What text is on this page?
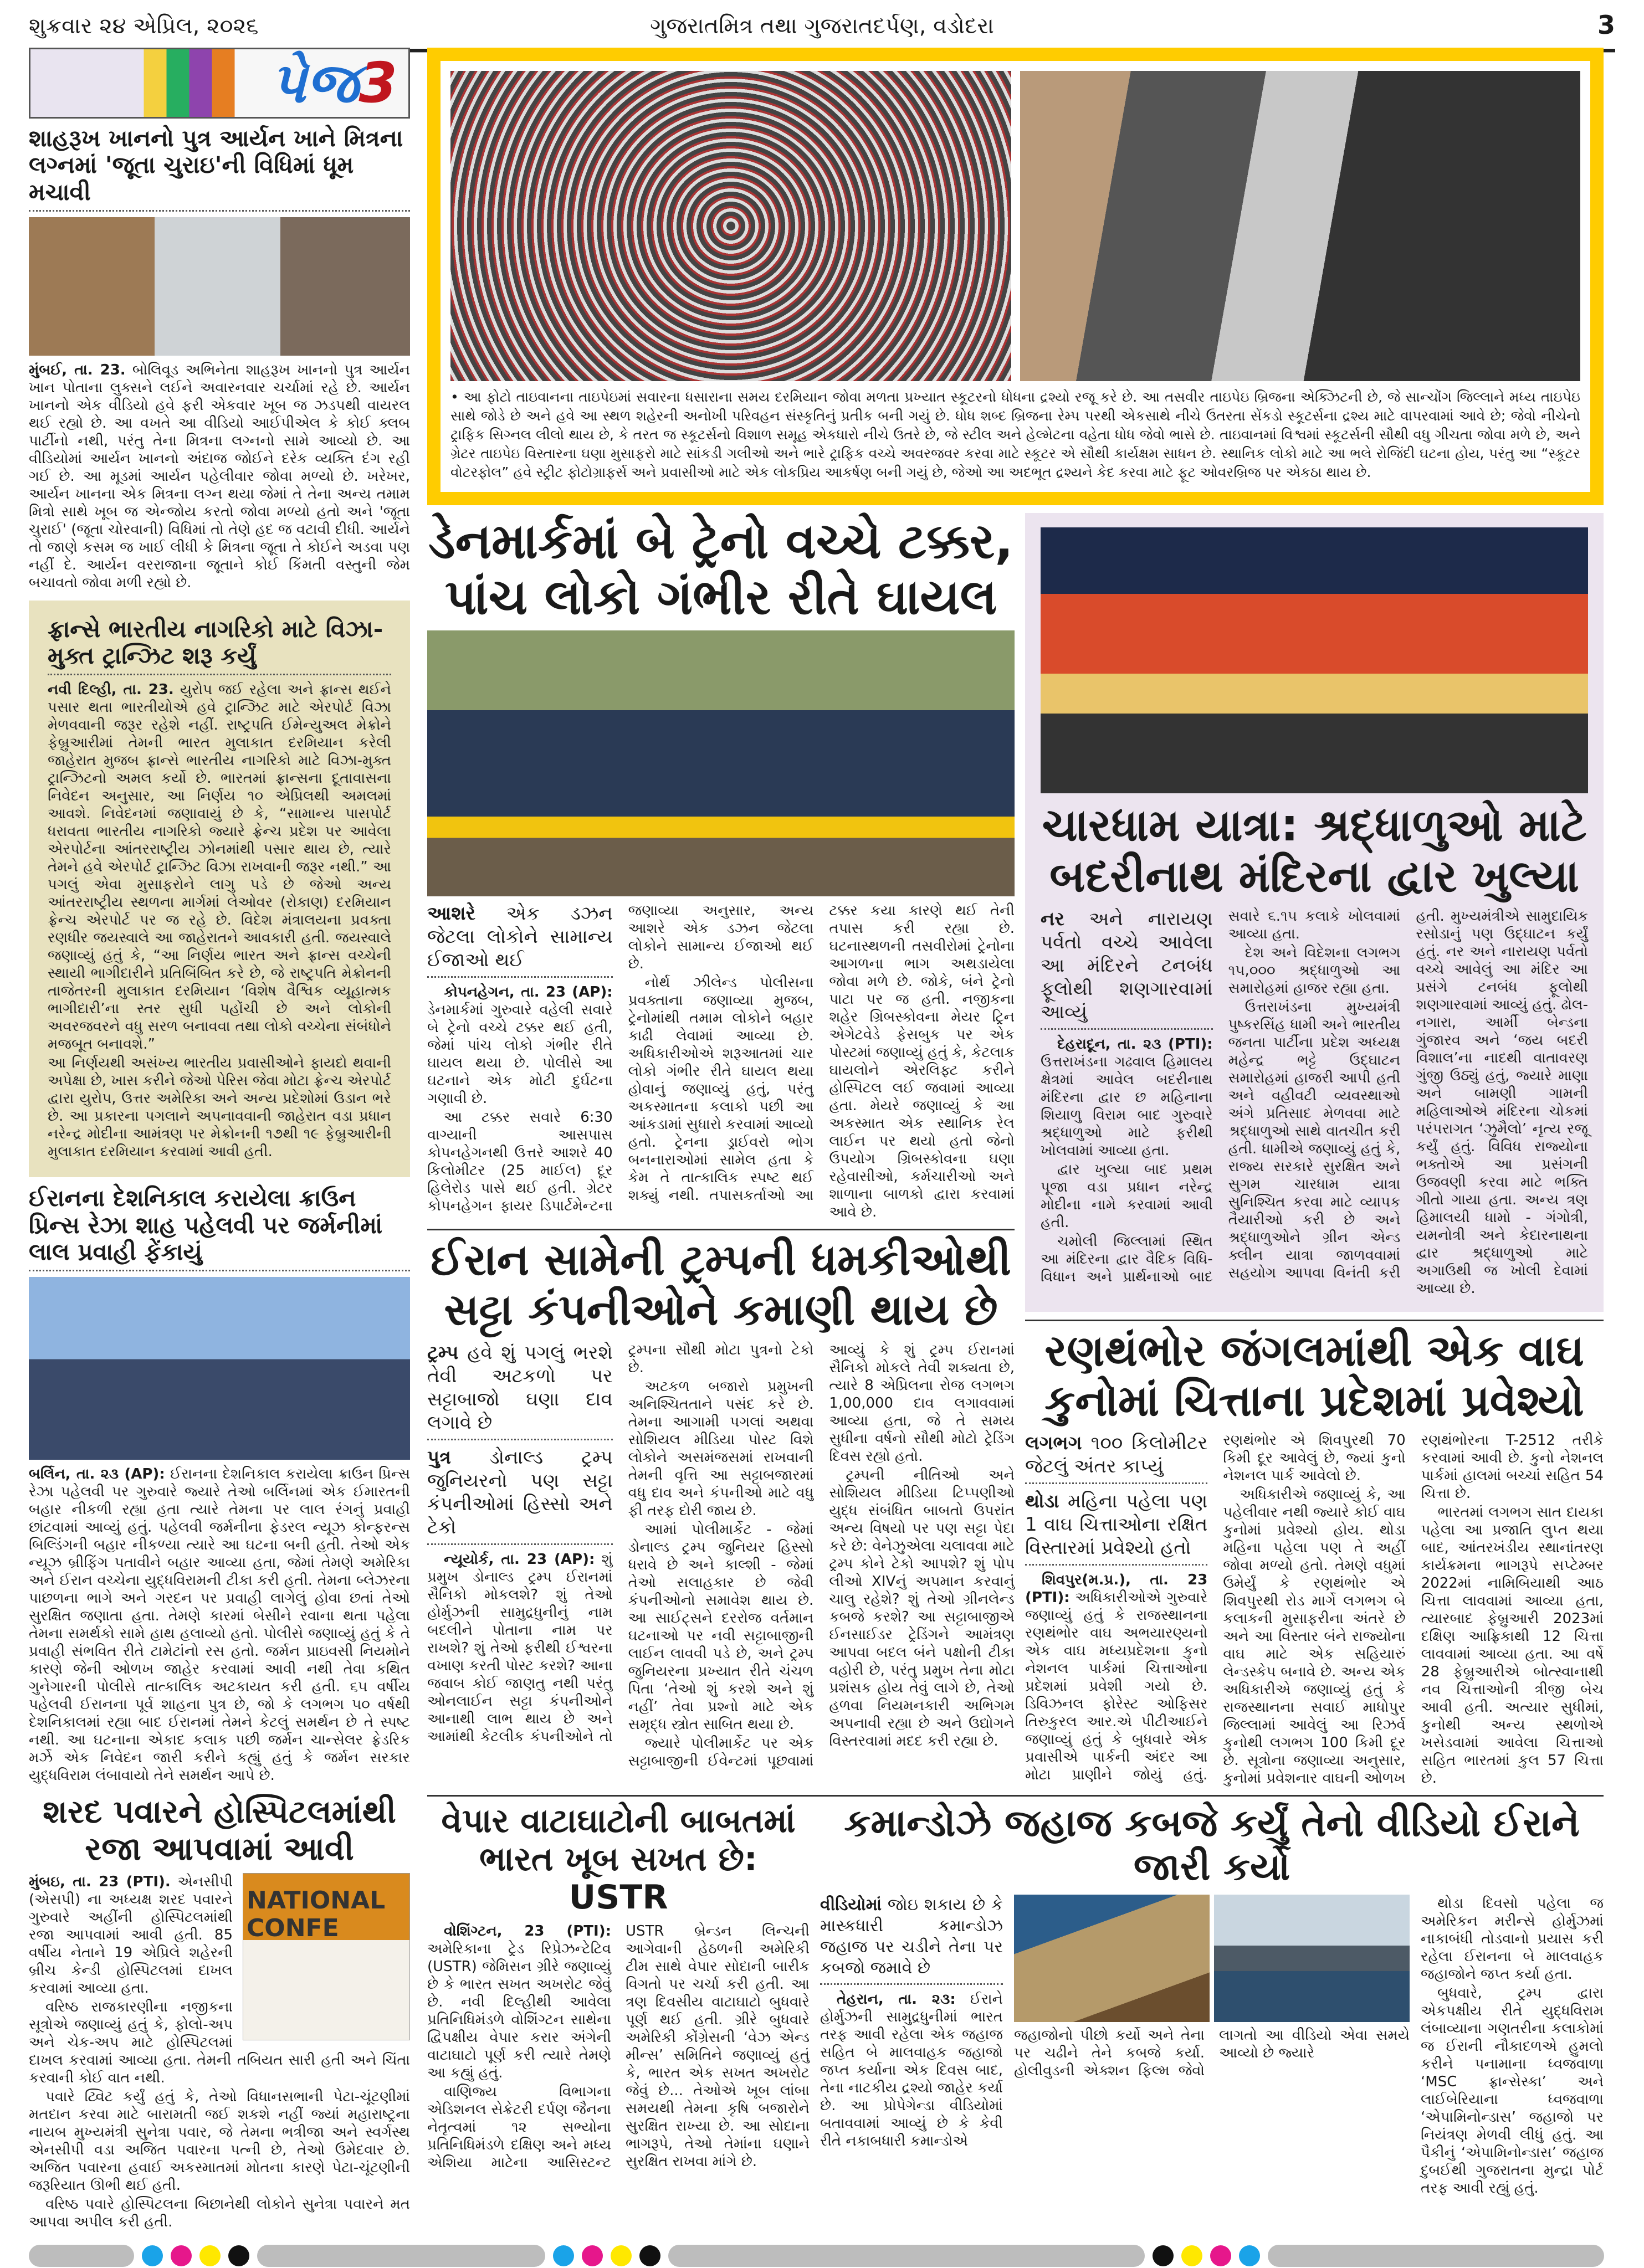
શુક્રવાર ૨૪ એપ્રિલ, ૨૦૨૬	ગુજરાતમિત્ર તથા ગુજરાતદર્પણ, વડોદરા	3
પેજ3
શાહરૂખ ખાનનો પુત્ર આર્યન ખાને મિત્રના લગ્નમાં 'જૂતા ચુરાઇ'ની વિધિમાં ધૂમ મચાવી

મુંબઈ, તા. 23. બોલિવૂડ અભિનેતા શાહરૂખ ખાનનો પુત્ર આર્યન ખાન પોતાના લુક્સને લઈને અવારનવાર ચર્ચામાં રહે છે. આર્યન ખાનનો એક વીડિયો હવે ફરી એકવાર ખૂબ જ ઝડપથી વાયરલ થઈ રહ્યો છે. આ વખતે આ વીડિયો આઈપીએલ કે કોઈ ક્લબ પાર્ટીનો નથી, પરંતુ તેના મિત્રના લગ્નનો સામે આવ્યો છે. આ વીડિયોમાં આર્યન ખાનનો અંદાજ જોઈને દરેક વ્યક્તિ દંગ રહી ગઈ છે. આ મૂડમાં આર્યન પહેલીવાર જોવા મળ્યો છે. ખરેખર, આર્યન ખાનના એક મિત્રના લગ્ન થયા જેમાં તે તેના અન્ય તમામ મિત્રો સાથે ખૂબ જ એન્જોય કરતો જોવા મળ્યો હતો અને 'જૂતા ચુરાઈ' (જૂતા ચોરવાની) વિધિમાં તો તેણે હદ જ વટાવી દીધી. આર્યને તો જાણે કસમ જ ખાઈ લીધી કે મિત્રના જૂતા તે કોઈને અડવા પણ નહીં દે. આર્યન વરરાજાના જૂતાને કોઈ કિંમતી વસ્તુની જેમ બચાવતો જોવા મળી રહ્યો છે.

ફ્રાન્સે ભારતીય નાગરિકો માટે વિઝા-મુક્ત ટ્રાન્ઝિટ શરૂ કર્યું

નવી દિલ્હી, તા. 23. યુરોપ જઈ રહેલા અને ફ્રાન્સ થઈને પસાર થતા ભારતીયોએ હવે ટ્રાન્ઝિટ માટે એરપોર્ટ વિઝા મેળવવાની જરૂર રહેશે નહીં. રાષ્ટ્રપતિ ઈમેન્યુઅલ મેક્રોને ફેબ્રુઆરીમાં તેમની ભારત મુલાકાત દરમિયાન કરેલી જાહેરાત મુજબ ફ્રાન્સે ભારતીય નાગરિકો માટે વિઝા-મુક્ત ટ્રાન્ઝિટનો અમલ કર્યો છે. ભારતમાં ફ્રાન્સના દૂતાવાસના નિવેદન અનુસાર, આ નિર્ણય ૧૦ એપ્રિલથી અમલમાં આવશે. નિવેદનમાં જણાવાયું છે કે, “સામાન્ય પાસપોર્ટ ધરાવતા ભારતીય નાગરિકો જ્યારે ફ્રેન્ચ પ્રદેશ પર આવેલા એરપોર્ટના આંતરરાષ્ટ્રીય ઝોનમાંથી પસાર થાય છે, ત્યારે તેમને હવે એરપોર્ટ ટ્રાન્ઝિટ વિઝા રાખવાની જરૂર નથી.” આ પગલું એવા મુસાફરોને લાગુ પડે છે જેઓ અન્ય આંતરરાષ્ટ્રીય સ્થળના માર્ગમાં લેઓવર (રોકાણ) દરમિયાન ફ્રેન્ચ એરપોર્ટ પર જ રહે છે. વિદેશ મંત્રાલયના પ્રવક્તા રણધીર જયસ્વાલે આ જાહેરાતને આવકારી હતી. જયસ્વાલે જણાવ્યું હતું કે, “આ નિર્ણય ભારત અને ફ્રાન્સ વચ્ચેની સ્થાયી ભાગીદારીને પ્રતિબિંબિત કરે છે, જે રાષ્ટ્રપતિ મેક્રોનની તાજેતરની મુલાકાત દરમિયાન ‘વિશેષ વૈશ્વિક વ્યૂહાત્મક ભાગીદારી’ના સ્તર સુધી પહોંચી છે અને લોકોની અવરજવરને વધુ સરળ બનાવવા તથા લોકો વચ્ચેના સંબંધોને મજબૂત બનાવશે.”

આ નિર્ણયથી અસંખ્ય ભારતીય પ્રવાસીઓને ફાયદો થવાની અપેક્ષા છે, ખાસ કરીને જેઓ પેરિસ જેવા મોટા ફ્રેન્ચ એરપોર્ટ દ્વારા યુરોપ, ઉત્તર અમેરિકા અને અન્ય પ્રદેશોમાં ઉડાન ભરે છે. આ પ્રકારના પગલાને અપનાવવાની જાહેરાત વડા પ્રધાન નરેન્દ્ર મોદીના આમંત્રણ પર મેક્રોનની ૧૭થી ૧૯ ફેબ્રુઆરીની મુલાકાત દરમિયાન કરવામાં આવી હતી.

ઈરાનના દેશનિકાલ કરાયેલા ક્રાઉન પ્રિન્સ રેઝા શાહ પહેલવી પર જર્મનીમાં લાલ પ્રવાહી ફેંકાયું

બર્લિન, તા. ૨૩ (AP): ઈરાનના દેશનિકાલ કરાયેલા ક્રાઉન પ્રિન્સ રેઝા પહેલવી પર ગુરુવારે જ્યારે તેઓ બર્લિનમાં એક ઈમારતની બહાર નીકળી રહ્યા હતા ત્યારે તેમના પર લાલ રંગનું પ્રવાહી છાંટવામાં આવ્યું હતું. પહેલવી જર્મનીના ફેડરલ ન્યૂઝ કોન્ફરન્સ બિલ્ડિંગની બહાર નીકળ્યા ત્યારે આ ઘટના બની હતી. તેઓ એક ન્યૂઝ બ્રીફિંગ પતાવીને બહાર આવ્યા હતા, જેમાં તેમણે અમેરિકા અને ઈરાન વચ્ચેના યુદ્ધવિરામની ટીકા કરી હતી. તેમના બ્લેઝરના પાછળના ભાગે અને ગરદન પર પ્રવાહી લાગેલું હોવા છતાં તેઓ સુરક્ષિત જણાતા હતા. તેમણે કારમાં બેસીને રવાના થતા પહેલા તેમના સમર્થકો સામે હાથ હલાવ્યો હતો. પોલીસે જણાવ્યું હતું કે તે પ્રવાહી સંભવિત રીતે ટામેટાંનો રસ હતો. જર્મન પ્રાઇવસી નિયમોને કારણે જેની ઓળખ જાહેર કરવામાં આવી નથી તેવા કથિત ગુનેગારની પોલીસે તાત્કાલિક અટકાયત કરી હતી. ૬૫ વર્ષીય પહેલવી ઈરાનના પૂર્વ શાહના પુત્ર છે, જો કે લગભગ ૫૦ વર્ષથી દેશનિકાલમાં રહ્યા બાદ ઈરાનમાં તેમને કેટલું સમર્થન છે તે સ્પષ્ટ નથી. આ ઘટનાના એકાદ કલાક પછી જર્મન ચાન્સેલર ફ્રેડરિક મર્ઝે એક નિવેદન જારી કરીને કહ્યું હતું કે જર્મન સરકાર યુદ્ધવિરામ લંબાવાયો તેને સમર્થન આપે છે.

શરદ પવારને હોસ્પિટલમાંથી રજા આપવામાં આવી
NATIONAL CONFE

મુંબઇ, તા. 23 (PTI). એનસીપી (એસપી) ના અધ્યક્ષ શરદ પવારને ગુરુવારે અહીંની હોસ્પિટલમાંથી રજા આપવામાં આવી હતી. 85 વર્ષીય નેતાને 19 એપ્રિલે શહેરની બ્રીચ કેન્ડી હોસ્પિટલમાં દાખલ કરવામાં આવ્યા હતા.

વરિષ્ઠ રાજકારણીના નજીકના સૂત્રોએ જણાવ્યું હતું કે, ફોલો-અપ અને ચેક-અપ માટે હોસ્પિટલમાં દાખલ કરવામાં આવ્યા હતા. તેમની તબિયત સારી હતી અને ચિંતા કરવાની કોઈ વાત નથી.

પવારે ટ્વિટ કર્યું હતું કે, તેઓ વિધાનસભાની પેટા-ચૂંટણીમાં મતદાન કરવા માટે બારામતી જઈ શકશે નહીં જ્યાં મહારાષ્ટ્રના નાયબ મુખ્યમંત્રી સુનેત્રા પવાર, જે તેમના ભત્રીજા અને સ્વર્ગસ્થ એનસીપી વડા અજિત પવારના પત્ની છે, તેઓ ઉમેદવાર છે. અજિત પવારના હવાઈ અકસ્માતમાં મોતના કારણે પેટા-ચૂંટણીની જરૂરિયાત ઊભી થઈ હતી.

વરિષ્ઠ પવારે હોસ્પિટલના બિછાનેથી લોકોને સુનેત્રા પવારને મત આપવા અપીલ કરી હતી.

• આ ફોટો તાઇવાનના તાઇપેઇમાં સવારના ધસારાના સમય દરમિયાન જોવા મળતા પ્રખ્યાત સ્કૂટરનો ધોધના દ્રશ્યો રજૂ કરે છે. આ તસવીર તાઇપેઇ બ્રિજના એક્ઝિટની છે, જે સાન્ચોંગ જિલ્લાને મધ્ય તાઇપેઇ સાથે જોડે છે અને હવે આ સ્થળ શહેરની અનોખી પરિવહન સંસ્કૃતિનું પ્રતીક બની ગયું છે. ધોધ શબ્દ બ્રિજના રેમ્પ પરથી એકસાથે નીચે ઉતરતા સેંકડો સ્કૂટર્સના દ્રશ્ય માટે વાપરવામાં આવે છે; જેવો નીચેનો ટ્રાફિક સિગ્નલ લીલો થાય છે, કે તરત જ સ્કૂટર્સનો વિશાળ સમૂહ એકધારો નીચે ઉતરે છે, જે સ્ટીલ અને હેલ્મેટના વહેતા ધોધ જેવો ભાસે છે. તાઇવાનમાં વિશ્વમાં સ્કૂટર્સની સૌથી વધુ ગીચતા જોવા મળે છે, અને ગ્રેટર તાઇપેઇ વિસ્તારના ઘણા મુસાફરો માટે સાંકડી ગલીઓ અને ભારે ટ્રાફિક વચ્ચે અવરજવર કરવા માટે સ્કૂટર એ સૌથી કાર્યક્ષમ સાધન છે. સ્થાનિક લોકો માટે આ ભલે રોજિંદી ઘટના હોય, પરંતુ આ “સ્કૂટર વોટરફોલ” હવે સ્ટ્રીટ ફોટોગ્રાફર્સ અને પ્રવાસીઓ માટે એક લોકપ્રિય આકર્ષણ બની ગયું છે, જેઓ આ અદભૂત દ્રશ્યને કેદ કરવા માટે ફૂટ ઓવરબ્રિજ પર એકઠા થાય છે.
ડેનમાર્કમાં બે ટ્રેનો વચ્ચે ટક્કર, પાંચ લોકો ગંભીર રીતે ઘાયલ

આશરે એક ડઝન જેટલા લોકોને સામાન્ય ઈજાઓ થઈ

કોપનહેગન, તા. 23 (AP): ડેનમાર્કમાં ગુરુવારે વહેલી સવારે બે ટ્રેનો વચ્ચે ટક્કર થઈ હતી, જેમાં પાંચ લોકો ગંભીર રીતે ઘાયલ થયા છે. પોલીસે આ ઘટનાને એક મોટી દુર્ઘટના ગણાવી છે.

આ ટક્કર સવારે 6:30 વાગ્યાની આસપાસ કોપનહેગનથી ઉત્તરે આશરે 40 કિલોમીટર (25 માઈલ) દૂર હિલેરોડ પાસે થઈ હતી. ગ્રેટર કોપનહેગન ફાયર ડિપાર્ટમેન્ટના જણાવ્યા અનુસાર, અન્ય આશરે એક ડઝન જેટલા લોકોને સામાન્ય ઈજાઓ થઈ છે.

નોર્થ ઝીલેન્ડ પોલીસના પ્રવક્તાના જણાવ્યા મુજબ, ટ્રેનોમાંથી તમામ લોકોને બહાર કાઢી લેવામાં આવ્યા છે. અધિકારીઓએ શરૂઆતમાં ચાર લોકો ગંભીર રીતે ઘાયલ થયા હોવાનું જણાવ્યું હતું, પરંતુ અકસ્માતના કલાકો પછી આ આંકડામાં સુધારો કરવામાં આવ્યો હતો. ટ્રેનના ડ્રાઈવરો ભોગ બનનારાઓમાં સામેલ હતા કે કેમ તે તાત્કાલિક સ્પષ્ટ થઈ શક્યું નથી. તપાસકર્તાઓ આ ટક્કર કયા કારણે થઈ તેની તપાસ કરી રહ્યા છે. ઘટનાસ્થળની તસવીરોમાં ટ્રેનોના આગળના ભાગ અથડાયેલા જોવા મળે છે. જોકે, બંને ટ્રેનો પાટા પર જ હતી. નજીકના શહેર ગ્રિબસ્કોવના મેયર ટ્રિન એગેટવેડે ફેસબુક પર એક પોસ્ટમાં જણાવ્યું હતું કે, કેટલાક ઘાયલોને એરલિફ્ટ કરીને હોસ્પિટલ લઈ જવામાં આવ્યા હતા. મેયરે જણાવ્યું કે આ અકસ્માત એક સ્થાનિક રેલ લાઈન પર થયો હતો જેનો ઉપયોગ ગ્રિબસ્કોવના ઘણા રહેવાસીઓ, કર્મચારીઓ અને શાળાના બાળકો દ્વારા કરવામાં આવે છે.

ઈરાન સામેની ટ્રમ્પની ધમકીઓથી સટ્ટા કંપનીઓને કમાણી થાય છે

ટ્રમ્પ હવે શું પગલું ભરશે તેવી અટકળો પર સટ્ટાબાજો ઘણા દાવ લગાવે છે

પુત્ર ડોનાલ્ડ ટ્રમ્પ જુનિયરનો પણ સટ્ટા કંપનીઓમાં હિસ્સો અને ટેકો

ન્યૂયોર્ક, તા. 23 (AP): શું પ્રમુખ ડોનાલ્ડ ટ્રમ્પ ઈરાનમાં સૈનિકો મોકલશે? શું તેઓ હોર્મુઝની સામુદ્રધુનીનું નામ બદલીને પોતાના નામ પર રાખશે? શું તેઓ ફરીથી ઈશ્વરના વખાણ કરતી પોસ્ટ કરશે? આના જવાબ કોઈ જાણતુ નથી પરંતુ ઓનલાઈન સટ્ટા કંપનીઓને આનાથી લાભ થાય છે અને આમાંથી કેટલીક કંપનીઓને તો ટ્રમ્પના સૌથી મોટા પુત્રનો ટેકો છે.

અટકળ બજારો પ્રમુખની અનિશ્ચિતતાને પસંદ કરે છે. તેમના આગામી પગલાં અથવા સોશિયલ મીડિયા પોસ્ટ વિશે લોકોને અસમંજસમાં રાખવાની તેમની વૃત્તિ આ સટ્ટાબજારમાં વધુ દાવ અને કંપનીઓ માટે વધુ ફી તરફ દોરી જાય છે.

આમાં પોલીમાર્કેટ - જેમાં ડોનાલ્ડ ટ્રમ્પ જુનિયર હિસ્સો ધરાવે છે અને કાલ્શી - જેમાં તેઓ સલાહકાર છે જેવી કંપનીઓનો સમાવેશ થાય છે. આ સાઈટ્સને દરરોજ વર્તમાન ઘટનાઓ પર નવી સટ્ટાબાજીની લાઈન લાવવી પડે છે, અને ટ્રમ્પ જુનિયરના પ્રખ્યાત રીતે ચંચળ પિતા ‘તેઓ શું કરશે અને શું નહીં’ તેવા પ્રશ્નો માટે એક સમૃદ્ધ સ્ત્રોત સાબિત થયા છે.

જ્યારે પોલીમાર્કેટ પર એક સટ્ટાબાજીની ઈવેન્ટમાં પૂછવામાં આવ્યું કે શું ટ્રમ્પ ઈરાનમાં સૈનિકો મોકલે તેવી શક્યતા છે, ત્યારે 8 એપ્રિલના રોજ લગભગ 1,00,000 દાવ લગાવવામાં આવ્યા હતા, જે તે સમય સુધીના વર્ષનો સૌથી મોટો ટ્રેડિંગ દિવસ રહ્યો હતો.

ટ્રમ્પની નીતિઓ અને સોશિયલ મીડિયા ટિપ્પણીઓ યુદ્ધ સંબંધિત બાબતો ઉપરાંત અન્ય વિષયો પર પણ સટ્ટા પેદા કરે છે: વેનેઝુએલા ચલાવવા માટે ટ્રમ્પ કોને ટેકો આપશે? શું પોપ લીઓ XIVનું અપમાન કરવાનું ચાલુ રહેશે? શું તેઓ ગ્રીનલેન્ડ કબજે કરશે? આ સટ્ટાબાજીએ ઈનસાઈડર ટ્રેડિંગને આમંત્રણ આપવા બદલ બંને પક્ષોની ટીકા વહોરી છે, પરંતુ પ્રમુખ તેના મોટા પ્રશંસક હોય તેવું લાગે છે, તેઓ હળવા નિયમનકારી અભિગમ અપનાવી રહ્યા છે અને ઉદ્યોગને વિસ્તરવામાં મદદ કરી રહ્યા છે.

ચારધામ યાત્રા: શ્રદ્ધાળુઓ માટે બદરીનાથ મંદિરના દ્વાર ખુલ્યા

નર અને નારાયણ પર્વતો વચ્ચે આવેલા આ મંદિરને ટનબંધ ફૂલોથી શણગારવામાં આવ્યું

દેહરાદૂન, તા. ૨૩ (PTI): ઉત્તરાખંડના ગઢવાલ હિમાલય ક્ષેત્રમાં આવેલ બદરીનાથ મંદિરના દ્વાર છ મહિનાના શિયાળુ વિરામ બાદ ગુરુવારે શ્રદ્ધાળુઓ માટે ફરીથી ખોલવામાં આવ્યા હતા.

દ્વાર ખુલ્યા બાદ પ્રથમ પૂજા વડા પ્રધાન નરેન્દ્ર મોદીના નામે કરવામાં આવી હતી.

ચમોલી જિલ્લામાં સ્થિત આ મંદિરના દ્વાર વૈદિક વિધિ-વિધાન અને પ્રાર્થનાઓ બાદ સવારે ૬.૧૫ કલાકે ખોલવામાં આવ્યા હતા.

દેશ અને વિદેશના લગભગ ૧૫,૦૦૦ શ્રદ્ધાળુઓ આ સમારોહમાં હાજર રહ્યા હતા.

ઉત્તરાખંડના મુખ્યમંત્રી પુષ્કરસિંહ ધામી અને ભારતીય જનતા પાર્ટીના પ્રદેશ અધ્યક્ષ મહેન્દ્ર ભટ્ટે ઉદ્ઘાટન સમારોહમાં હાજરી આપી હતી અને વહીવટી વ્યવસ્થાઓ અંગે પ્રતિસાદ મેળવવા માટે શ્રદ્ધાળુઓ સાથે વાતચીત કરી હતી. ધામીએ જણાવ્યું હતું કે, રાજ્ય સરકારે સુરક્ષિત અને સુગમ ચારધામ યાત્રા સુનિશ્ચિત કરવા માટે વ્યાપક તૈયારીઓ કરી છે અને શ્રદ્ધાળુઓને ગ્રીન એન્ડ ક્લીન યાત્રા જાળવવામાં સહયોગ આપવા વિનંતી કરી હતી. મુખ્યમંત્રીએ સામુદાયિક રસોડાનું પણ ઉદ્ઘાટન કર્યું હતું. નર અને નારાયણ પર્વતો વચ્ચે આવેલું આ મંદિર આ પ્રસંગે ટનબંધ ફૂલોથી શણગારવામાં આવ્યું હતું. ઢોલ-નગારા, આર્મી બેન્ડના ગુંજારવ અને ‘જય બદરી વિશાલ’ના નાદથી વાતાવરણ ગુંજી ઉઠ્યું હતું, જ્યારે માણા અને બામણી ગામની મહિલાઓએ મંદિરના ચોકમાં પરંપરાગત ‘ઝુમૈલો’ નૃત્ય રજૂ કર્યું હતું. વિવિધ રાજ્યોના ભક્તોએ આ પ્રસંગની ઉજવણી કરવા માટે ભક્તિ ગીતો ગાયા હતા. અન્ય ત્રણ હિમાલયી ધામો - ગંગોત્રી, યમનોત્રી અને કેદારનાથના દ્વાર શ્રદ્ધાળુઓ માટે અગાઉથી જ ખોલી દેવામાં આવ્યા છે.

રણથંભોર જંગલમાંથી એક વાઘ કુનોમાં ચિત્તાના પ્રદેશમાં પ્રવેશ્યો

લગભગ ૧૦૦ કિલોમીટર જેટલું અંતર કાપ્યું

થોડા મહિના પહેલા પણ 1 વાઘ ચિત્તાઓના રક્ષિત વિસ્તારમાં પ્રવેશ્યો હતો

શિવપુર(મ.પ્ર.), તા. 23 (PTI): અધિકારીઓએ ગુરુવારે જણાવ્યું હતું કે રાજસ્થાનના રણથંભોર વાઘ અભયારણ્યનો એક વાઘ મધ્યપ્રદેશના કુનો નેશનલ પાર્કમાં ચિત્તાઓના પ્રદેશમાં પ્રવેશી ગયો છે. ડિવિઝનલ ફોરેસ્ટ ઓફિસર તિરુકુરલ આર.એ પીટીઆઈને જણાવ્યું હતું કે બુધવારે એક પ્રવાસીએ પાર્કની અંદર આ મોટા પ્રાણીને જોયું હતું. રણથંભોર એ શિવપુરથી 70 કિમી દૂર આવેલું છે, જ્યાં કુનો નેશનલ પાર્ક આવેલો છે.

અધિકારીએ જણાવ્યું કે, આ પહેલીવાર નથી જ્યારે કોઈ વાઘ કુનોમાં પ્રવેશ્યો હોય. થોડા મહિના પહેલા પણ તે અહીં જોવા મળ્યો હતો. તેમણે વધુમાં ઉમેર્યું કે રણથંભોર એ શિવપુરથી રોડ માર્ગે લગભગ બે કલાકની મુસાફરીના અંતરે છે અને આ વિસ્તાર બંને રાજ્યોના વાઘ માટે એક સહિયારું લેન્ડસ્કેપ બનાવે છે. અન્ય એક અધિકારીએ જણાવ્યું હતું કે રાજસ્થાનના સવાઈ માધોપુર જિલ્લામાં આવેલું આ રિઝર્વ કુનોથી લગભગ 100 કિમી દૂર છે. સૂત્રોના જણાવ્યા અનુસાર, કુનોમાં પ્રવેશનાર વાઘની ઓળખ રણથંભોરના T-2512 તરીકે કરવામાં આવી છે. કુનો નેશનલ પાર્કમાં હાલમાં બચ્ચાં સહિત 54 ચિત્તા છે.

ભારતમાં લગભગ સાત દાયકા પહેલા આ પ્રજાતિ લુપ્ત થયા બાદ, આંતરખંડીય સ્થાનાંતરણ કાર્યક્રમના ભાગરૂપે સપ્ટેમ્બર 2022માં નામિબિયાથી આઠ ચિત્તા લાવવામાં આવ્યા હતા, ત્યારબાદ ફેબ્રુઆરી 2023માં દક્ષિણ આફ્રિકાથી 12 ચિત્તા લાવવામાં આવ્યા હતા. આ વર્ષે 28 ફેબ્રુઆરીએ બોત્સ્વાનાથી નવ ચિત્તાઓની ત્રીજી બેચ આવી હતી. અત્યાર સુધીમાં, કુનોથી અન્ય સ્થળોએ ખસેડવામાં આવેલા ચિત્તાઓ સહિત ભારતમાં કુલ 57 ચિત્તા છે.

વેપાર વાટાઘાટોની બાબતમાં ભારત ખૂબ સખત છે: USTR

વોશિંગ્ટન, 23 (PTI): અમેરિકાના ટ્રેડ રિપ્રેઝન્ટેટિવ (USTR) જેમિસન ગ્રીરે જણાવ્યું છે કે ભારત સખત અખરોટ જેવું છે. નવી દિલ્હીથી આવેલા પ્રતિનિધિમંડળે વોશિંગ્ટન સાથેના દ્વિપક્ષીય વેપાર કરાર અંગેની વાટાઘાટો પૂર્ણ કરી ત્યારે તેમણે આ કહ્યું હતું.

વાણિજ્ય વિભાગના એડિશનલ સેક્રેટરી દર્પણ જૈનના નેતૃત્વમાં ૧૨ સભ્યોના પ્રતિનિધિમંડળે દક્ષિણ અને મધ્ય એશિયા માટેના આસિસ્ટન્ટ USTR બ્રેન્ડન લિન્ચની આગેવાની હેઠળની અમેરિકી ટીમ સાથે વેપાર સોદાની બારીક વિગતો પર ચર્ચા કરી હતી. આ ત્રણ દિવસીય વાટાઘાટો બુધવારે પૂર્ણ થઈ હતી. ગ્રીરે બુધવારે અમેરિકી કોંગ્રેસની ‘વેઝ એન્ડ મીન્સ’ સમિતિને જણાવ્યું હતું કે, ભારત એક સખત અખરોટ જેવું છે... તેઓએ ખૂબ લાંબા સમયથી તેમના કૃષિ બજારોને સુરક્ષિત રાખ્યા છે. આ સોદાના ભાગરૂપે, તેઓ તેમાંના ઘણાને સુરક્ષિત રાખવા માંગે છે.

કમાન્ડોઝે જહાજ કબજે કર્યું તેનો વીડિયો ઈરાને જારી કર્યો

વીડિયોમાં જોઇ શકાય છે કે માસ્કધારી કમાન્ડોઝ જહાજ પર ચડીને તેના પર કબજો જમાવે છે

તેહરાન, તા. ૨૩: ઈરાને હોર્મુઝની સામુદ્રધુનીમાં ભારત તરફ આવી રહેલા એક જહાજ સહિત બે માલવાહક જહાજો જપ્ત કર્યાના એક દિવસ બાદ, તેના નાટકીય દ્રશ્યો જાહેર કર્યા છે. આ પ્રોપેગેન્ડા વીડિયોમાં બતાવવામાં આવ્યું છે કે કેવી રીતે નકાબધારી કમાન્ડોએ

જહાજોનો પીછો કર્યો અને તેના પર ચઢીને તેને કબજે કર્યા. હોલીવુડની એક્શન ફિલ્મ જેવો લાગતો આ વીડિયો એવા સમયે આવ્યો છે જ્યારે

થોડા દિવસો પહેલા જ અમેરિકન મરીન્સે હોર્મુઝમાં નાકાબંધી તોડવાનો પ્રયાસ કરી રહેલા ઈરાનના બે માલવાહક જહાજોને જપ્ત કર્યા હતા.

બુધવારે, ટ્રમ્પ દ્વારા એકપક્ષીય રીતે યુદ્ધવિરામ લંબાવ્યાના ગણતરીના કલાકોમાં જ ઈરાની નૌકાદળએ હુમલો કરીને પનામાના ધ્વજવાળા ‘MSC ફ્રાન્સેસ્કા’ અને લાઈબેરિયાના ધ્વજવાળા ‘એપામિનોન્ડાસ’ જહાજો પર નિયંત્રણ મેળવી લીધું હતું. આ પૈકીનું ‘એપામિનોન્ડાસ’ જહાજ દુબઈથી ગુજરાતના મુન્દ્રા પોર્ટ તરફ આવી રહ્યું હતું.
